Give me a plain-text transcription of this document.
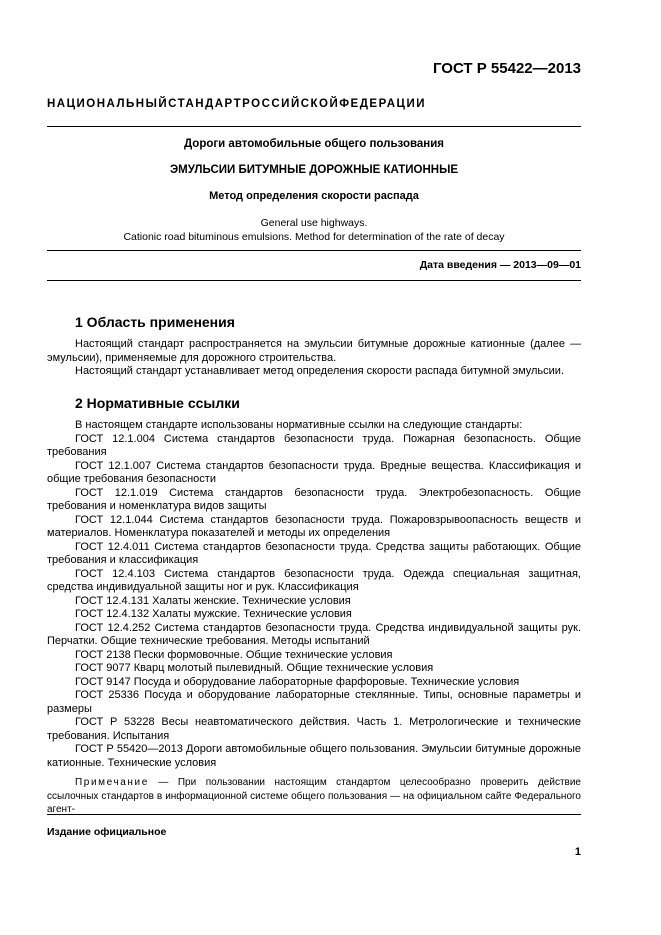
ГОСТ Р 55422—2013
НАЦИОНАЛЬНЫЙСТАНДАРТРОССИЙСКОЙФЕДЕРАЦИИ
Дороги автомобильные общего пользования
ЭМУЛЬСИИ БИТУМНЫЕ ДОРОЖНЫЕ КАТИОННЫЕ
Метод определения скорости распада
General use highways.
Cationic road bituminous emulsions. Method for determination of the rate of decay
Дата введения — 2013—09—01
1 Область применения

Настоящий стандарт распространяется на эмульсии битумные дорожные катионные (далее — эмульсии), применяемые для дорожного строительства.

Настоящий стандарт устанавливает метод определения скорости распада битумной эмульсии.

2 Нормативные ссылки

В настоящем стандарте использованы нормативные ссылки на следующие стандарты:

ГОСТ 12.1.004 Система стандартов безопасности труда. Пожарная безопасность. Общие требования

ГОСТ 12.1.007 Система стандартов безопасности труда. Вредные вещества. Классификация и общие требования безопасности

ГОСТ 12.1.019 Система стандартов безопасности труда. Электробезопасность. Общие требования и номенклатура видов защиты

ГОСТ 12.1.044 Система стандартов безопасности труда. Пожаровзрывоопасность веществ и материалов. Номенклатура показателей и методы их определения

ГОСТ 12.4.011 Система стандартов безопасности труда. Средства защиты работающих. Общие требования и классификация

ГОСТ 12.4.103 Система стандартов безопасности труда. Одежда специальная защитная, средства индивидуальной защиты ног и рук. Классификация

ГОСТ 12.4.131 Халаты женские. Технические условия

ГОСТ 12.4.132 Халаты мужские. Технические условия

ГОСТ 12.4.252 Система стандартов безопасности труда. Средства индивидуальной защиты рук. Перчатки. Общие технические требования. Методы испытаний

ГОСТ 2138 Пески формовочные. Общие технические условия

ГОСТ 9077 Кварц молотый пылевидный. Общие технические условия

ГОСТ 9147 Посуда и оборудование лабораторные фарфоровые. Технические условия

ГОСТ 25336 Посуда и оборудование лабораторные стеклянные. Типы, основные параметры и размеры

ГОСТ Р 53228 Весы неавтоматического действия. Часть 1. Метрологические и технические требования. Испытания

ГОСТ Р 55420—2013 Дороги автомобильные общего пользования. Эмульсии битумные дорожные катионные. Технические условия

Примечание — При пользовании настоящим стандартом целесообразно проверить действие ссылочных стандартов в информационной системе общего пользования — на официальном сайте Федерального агент-

Издание официальное
1
